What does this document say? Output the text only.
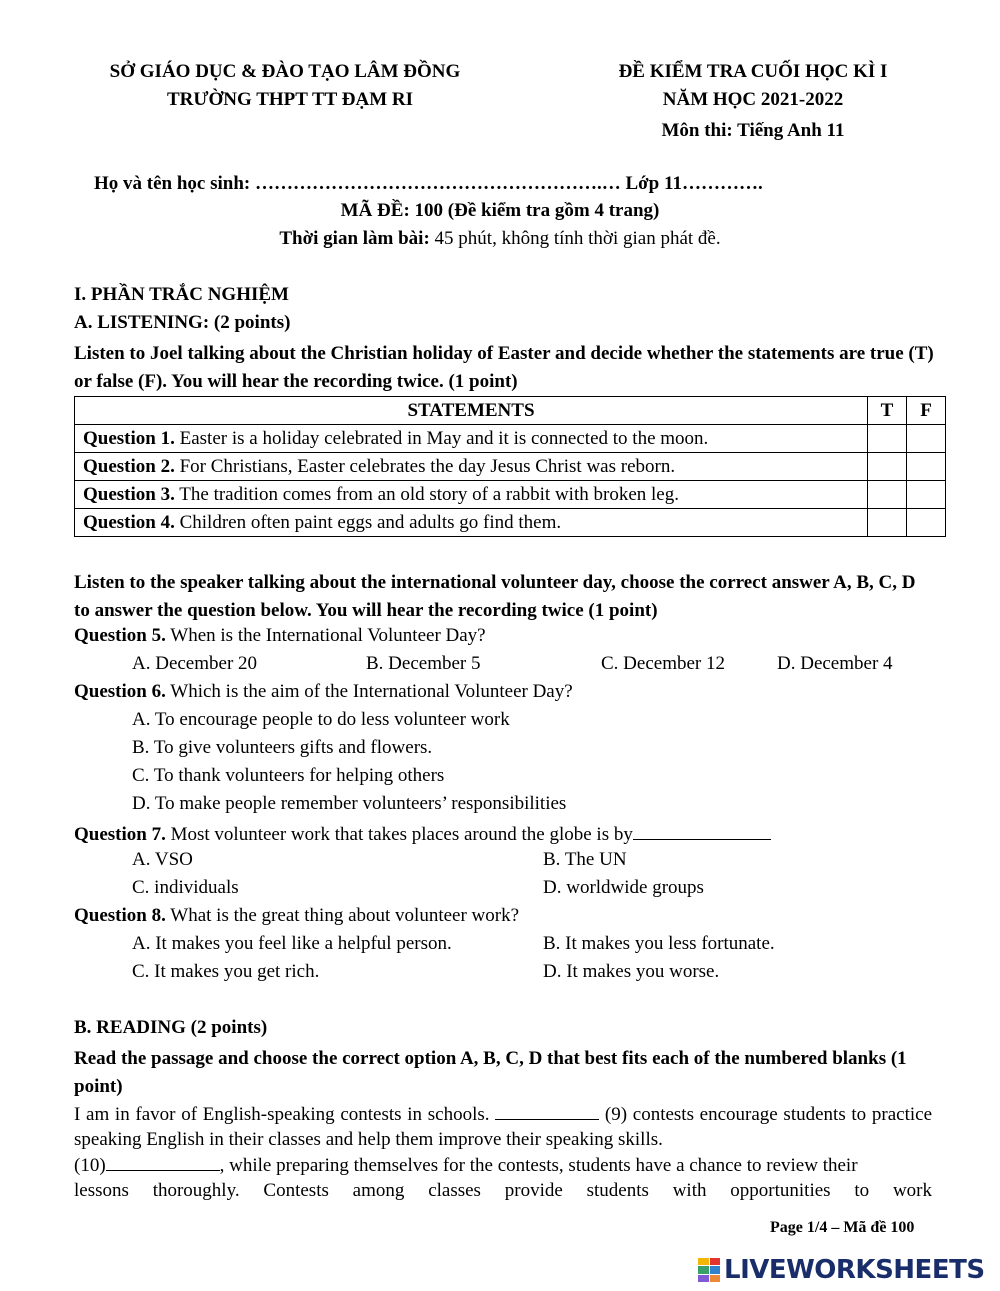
SỞ GIÁO DỤC & ĐÀO TẠO LÂM ĐỒNG
TRƯỜNG THPT TT ĐẠM RI
ĐỀ KIỂM TRA CUỐI HỌC KÌ I
NĂM HỌC 2021-2022
Môn thi: Tiếng Anh 11
Họ và tên học sinh: ……………………………………………….… Lớp 11………….
MÃ ĐỀ: 100 (Đề kiểm tra gồm 4 trang)
Thời gian làm bài: 45 phút, không tính thời gian phát đề.
I. PHẦN TRẮC NGHIỆM
A. LISTENING: (2 points)
Listen to Joel talking about the Christian holiday of Easter and decide whether the statements are true (T) or false (F). You will hear the recording twice. (1 point)
STATEMENTS	T	F
Question 1. Easter is a holiday celebrated in May and it is connected to the moon.		
Question 2. For Christians, Easter celebrates the day Jesus Christ was reborn.		
Question 3. The tradition comes from an old story of a rabbit with broken leg.		
Question 4. Children often paint eggs and adults go find them.		
Listen to the speaker talking about the international volunteer day, choose the correct answer A, B, C, D to answer the question below. You will hear the recording twice (1 point)
Question 5. When is the International Volunteer Day?
A. December 20	B. December 5	C. December 12	D. December 4
Question 6. Which is the aim of the International Volunteer Day?
A. To encourage people to do less volunteer work
B. To give volunteers gifts and flowers.
C. To thank volunteers for helping others
D. To make people remember volunteers’ responsibilities
Question 7. Most volunteer work that takes places around the globe is by
A. VSO	B. The UN
C. individuals	D. worldwide groups
Question 8. What is the great thing about volunteer work?
A. It makes you feel like a helpful person.	B. It makes you less fortunate.
C. It makes you get rich.	D. It makes you worse.
B. READING (2 points)
Read the passage and choose the correct option A, B, C, D that best fits each of the numbered blanks (1 point)
I am in favor of English-speaking contests in schools.	(9) contests encourage students to practice speaking English in their classes and help them improve their speaking skills.
(10)	, while preparing themselves for the contests, students have a chance to review their
lessons thoroughly. Contests among classes provide students with opportunities to work
Page 1/4 – Mã đề 100
LIVEWORKSHEETS
